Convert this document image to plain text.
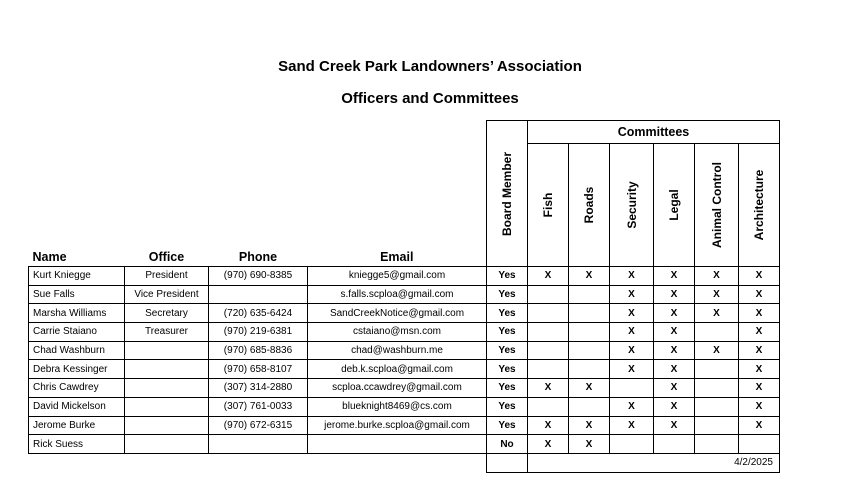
Sand Creek Park Landowners’ Association
Officers and Committees
Name	Office	Phone	Email	Board Member	Committees					

					Fish	Roads	Security	Legal	Animal Control	Architecture

Kurt Kniegge	President	(970) 690-8385	kniegge5@gmail.com	Yes	X	X	X	X	X	X
Sue Falls	Vice President		s.falls.scploa@gmail.com	Yes			X	X	X	X
Marsha Williams	Secretary	(720) 635-6424	SandCreekNotice@gmail.com	Yes			X	X	X	X
Carrie Staiano	Treasurer	(970) 219-6381	cstaiano@msn.com	Yes			X	X		X
Chad Washburn		(970) 685-8836	chad@washburn.me	Yes			X	X	X	X
Debra Kessinger		(970) 658-8107	deb.k.scploa@gmail.com	Yes			X	X		X
Chris Cawdrey		(307) 314-2880	scploa.ccawdrey@gmail.com	Yes	X	X		X		X
David Mickelson		(307) 761-0033	blueknight8469@cs.com	Yes			X	X		X
Jerome Burke		(970) 672-6315	jerome.burke.scploa@gmail.com	Yes	X	X	X	X		X
Rick Suess				No	X	X				
					4/2/2025					
